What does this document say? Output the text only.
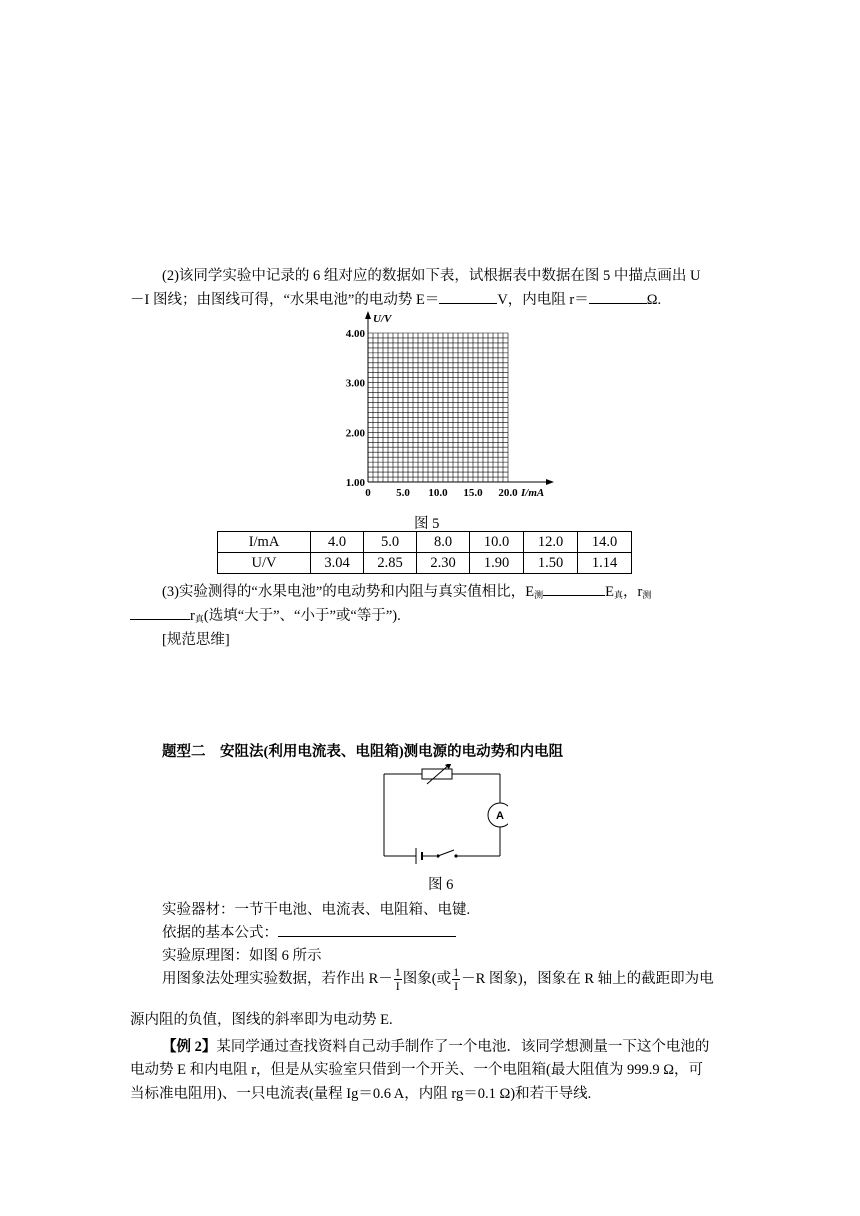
(2)该同学实验中记录的 6 组对应的数据如下表，试根据表中数据在图 5 中描点画出 U
－I 图线；由图线可得，“水果电池”的电动势 E＝	V，内电阻 r＝	Ω.
U/V
I/mA
1.00
2.00
3.00
4.00
0 5.0 10.0 15.0 20.0
图 5
I/mA	4.0	5.0	8.0	10.0	12.0	14.0
U/V	3.04	2.85	2.30	1.90	1.50	1.14
(3)实验测得的“水果电池”的电动势和内阻与真实值相比，$E_测$	$E_真$，$r_测$
$r_真$(选填“大于”、“小于”或“等于”).
[规范思维]
题型二　安阻法(利用电流表、电阻箱)测电源的电动势和内电阻
A
图 6
实验器材：一节干电池、电流表、电阻箱、电键.
依据的基本公式：
实验原理图：如图 6 所示
用图象法处理实验数据，若作出 $R- \frac{1}{I}$ 图象(或 $\frac{1}{I} -R$ 图象)，图象在 R 轴上的截距即为电
源内阻的负值，图线的斜率即为电动势 E.
【例 2】某同学通过查找资料自己动手制作了一个电池．该同学想测量一下这个电池的
电动势 E 和内电阻 r，但是从实验室只借到一个开关、一个电阻箱(最大阻值为 999.9 Ω，可
当标准电阻用)、一只电流表(量程 Ig＝0.6 A，内阻 rg＝0.1 Ω)和若干导线.
